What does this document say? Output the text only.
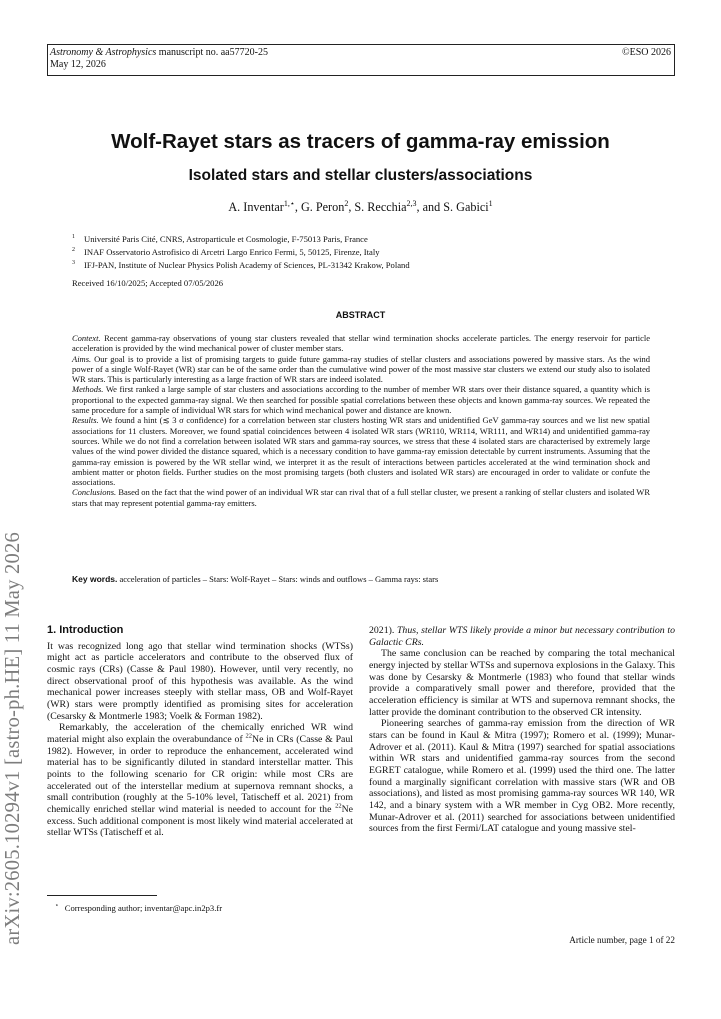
Astronomy & Astrophysics manuscript no. aa57720-25
May 12, 2026
©ESO 2026
arXiv:2605.10294v1 [astro-ph.HE] 11 May 2026
Wolf-Rayet stars as tracers of gamma-ray emission
Isolated stars and stellar clusters/associations
A. Inventar$^{1,⋆}$, G. Peron$^2$, S. Recchia$^{2,3}$, and S. Gabici$^1$
$^1$ Université Paris Cité, CNRS, Astroparticule et Cosmologie, F-75013 Paris, France
$^2$ INAF Osservatorio Astrofisico di Arcetri Largo Enrico Fermi, 5, 50125, Firenze, Italy
$^3$ IFJ-PAN, Institute of Nuclear Physics Polish Academy of Sciences, PL-31342 Krakow, Poland
Received 16/10/2025; Accepted 07/05/2026
ABSTRACT

Context. Recent gamma-ray observations of young star clusters revealed that stellar wind termination shocks accelerate particles. The energy reservoir for particle acceleration is provided by the wind mechanical power of cluster member stars.

Aims. Our goal is to provide a list of promising targets to guide future gamma-ray studies of stellar clusters and associations powered by massive stars. As the wind power of a single Wolf-Rayet (WR) star can be of the same order than the cumulative wind power of the most massive star clusters we extend our study also to isolated WR stars. This is particularly interesting as a large fraction of WR stars are indeed isolated.

Methods. We first ranked a large sample of star clusters and associations according to the number of member WR stars over their distance squared, a quantity which is proportional to the expected gamma-ray signal. We then searched for possible spatial correlations between these objects and known gamma-ray sources. We repeated the same procedure for a sample of individual WR stars for which wind mechanical power and distance are known.

Results. We found a hint (≲ 3 σ confidence) for a correlation between star clusters hosting WR stars and unidentified GeV gamma-ray sources and we list new spatial associations for 11 clusters. Moreover, we found spatial coincidences between 4 isolated WR stars (WR110, WR114, WR111, and WR14) and unidentified gamma-ray sources. While we do not find a correlation between isolated WR stars and gamma-ray sources, we stress that these 4 isolated stars are characterised by extremely large values of the wind power divided the distance squared, which is a necessary condition to have gamma-ray emission detectable by current instruments. Assuming that the gamma-ray emission is powered by the WR stellar wind, we interpret it as the result of interactions between particles accelerated at the wind termination shock and ambient matter or photon fields. Further studies on the most promising targets (both clusters and isolated WR stars) are encouraged in order to validate or confute the associations.

Conclusions. Based on the fact that the wind power of an individual WR star can rival that of a full stellar cluster, we present a ranking of stellar clusters and isolated WR stars that may represent potential gamma-ray emitters.

Key words. acceleration of particles – Stars: Wolf-Rayet – Stars: winds and outflows – Gamma rays: stars

1. Introduction

It was recognized long ago that stellar wind termination shocks (WTSs) might act as particle accelerators and contribute to the observed flux of cosmic rays (CRs) (Casse & Paul 1980). However, until very recently, no direct observational proof of this hypothesis was available. As the wind mechanical power increases steeply with stellar mass, OB and Wolf-Rayet (WR) stars were promptly identified as promising sites for acceleration (Cesarsky & Montmerle 1983; Voelk & Forman 1982).

Remarkably, the acceleration of the chemically enriched WR wind material might also explain the overabundance of $^{22}$Ne in CRs (Casse & Paul 1982). However, in order to reproduce the enhancement, accelerated wind material has to be significantly diluted in standard interstellar matter. This points to the following scenario for CR origin: while most CRs are accelerated out of the interstellar medium at supernova remnant shocks, a small contribution (roughly at the 5-10% level, Tatischeff et al. 2021) from chemically enriched stellar wind material is needed to account for the $^{22}$Ne excess. Such additional component is most likely wind material accelerated at stellar WTSs (Tatischeff et al.

2021). Thus, stellar WTS likely provide a minor but necessary contribution to Galactic CRs.

The same conclusion can be reached by comparing the total mechanical energy injected by stellar WTSs and supernova explosions in the Galaxy. This was done by Cesarsky & Montmerle (1983) who found that stellar winds provide a comparatively small power and therefore, provided that the acceleration efficiency is similar at WTS and supernova remnant shocks, the latter provide the dominant contribution to the observed CR intensity.

Pioneering searches of gamma-ray emission from the direction of WR stars can be found in Kaul & Mitra (1997); Romero et al. (1999); Munar-Adrover et al. (2011). Kaul & Mitra (1997) searched for spatial associations within WR stars and unidentified gamma-ray sources from the second EGRET catalogue, while Romero et al. (1999) used the third one. The latter found a marginally significant correlation with massive stars (WR and OB associations), and listed as most promising gamma-ray sources WR 140, WR 142, and a binary system with a WR member in Cyg OB2. More recently, Munar-Adrover et al. (2011) searched for associations between unidentified sources from the first Fermi/LAT catalogue and young massive stel-

⋆ Corresponding author; inventar@apc.in2p3.fr
Article number, page 1 of 22
